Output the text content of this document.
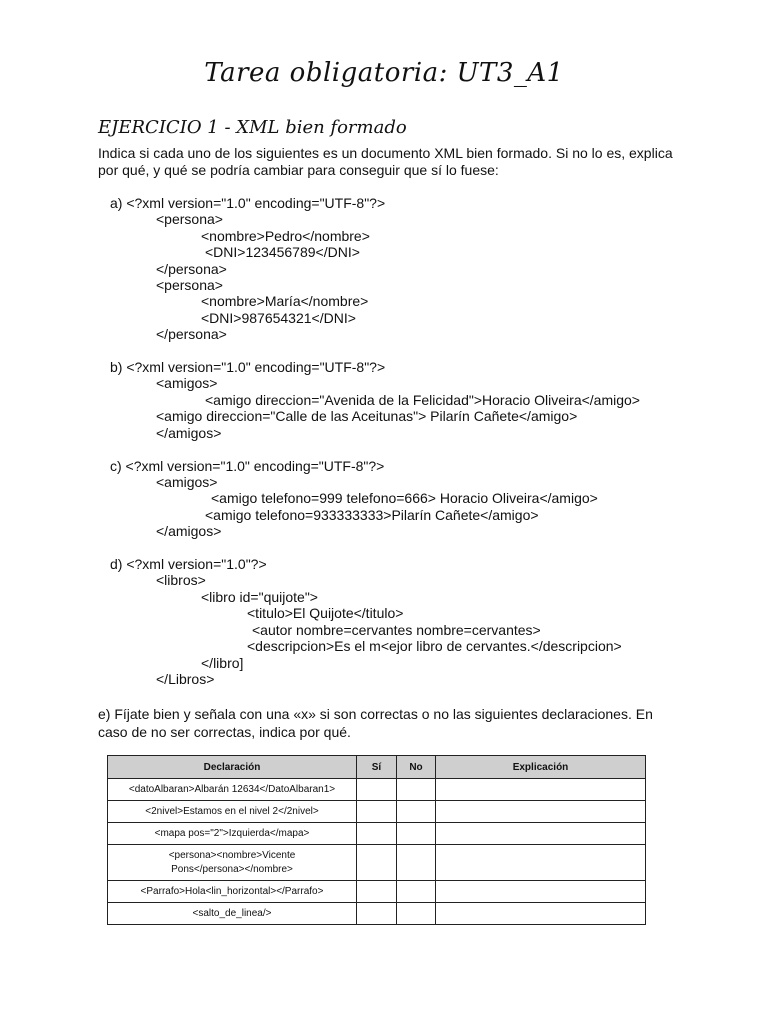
Tarea obligatoria: UT3_A1
EJERCICIO 1 - XML bien formado
Indica si cada uno de los siguientes es un documento XML bien formado. Si no lo es, explica por qué, y qué se podría cambiar para conseguir que sí lo fuese:
a) <?xml version="1.0" encoding="UTF-8"?>
<persona>
<nombre>Pedro</nombre>
<DNI>123456789</DNI>
</persona>
<persona>
<nombre>María</nombre>
<DNI>987654321</DNI>
</persona>
b) <?xml version="1.0" encoding="UTF-8"?>
<amigos>
<amigo direccion="Avenida de la Felicidad">Horacio Oliveira</amigo>
<amigo direccion="Calle de las Aceitunas"> Pilarín Cañete</amigo>
</amigos>
c) <?xml version="1.0" encoding="UTF-8"?>
<amigos>
<amigo telefono=999 telefono=666> Horacio Oliveira</amigo>
<amigo telefono=933333333>Pilarín Cañete</amigo>
</amigos>
d) <?xml version="1.0"?>
<libros>
<libro id="quijote">
<titulo>El Quijote</titulo>
<autor nombre=cervantes nombre=cervantes>
<descripcion>Es el m<ejor libro de cervantes.</descripcion>
</libro]
</Libros>
e) Fíjate bien y señala con una «x» si son correctas o no las siguientes declaraciones. En caso de no ser correctas, indica por qué.
Declaración	Sí	No	Explicación
<datoAlbaran>Albarán 12634</DatoAlbaran1>			
<2nivel>Estamos en el nivel 2</2nivel>			
<mapa pos="2">Izquierda</mapa>			
<persona><nombre>Vicente Pons</persona></nombre>			
<Parrafo>Hola<lin_horizontal></Parrafo>			
<salto_de_linea/>			
